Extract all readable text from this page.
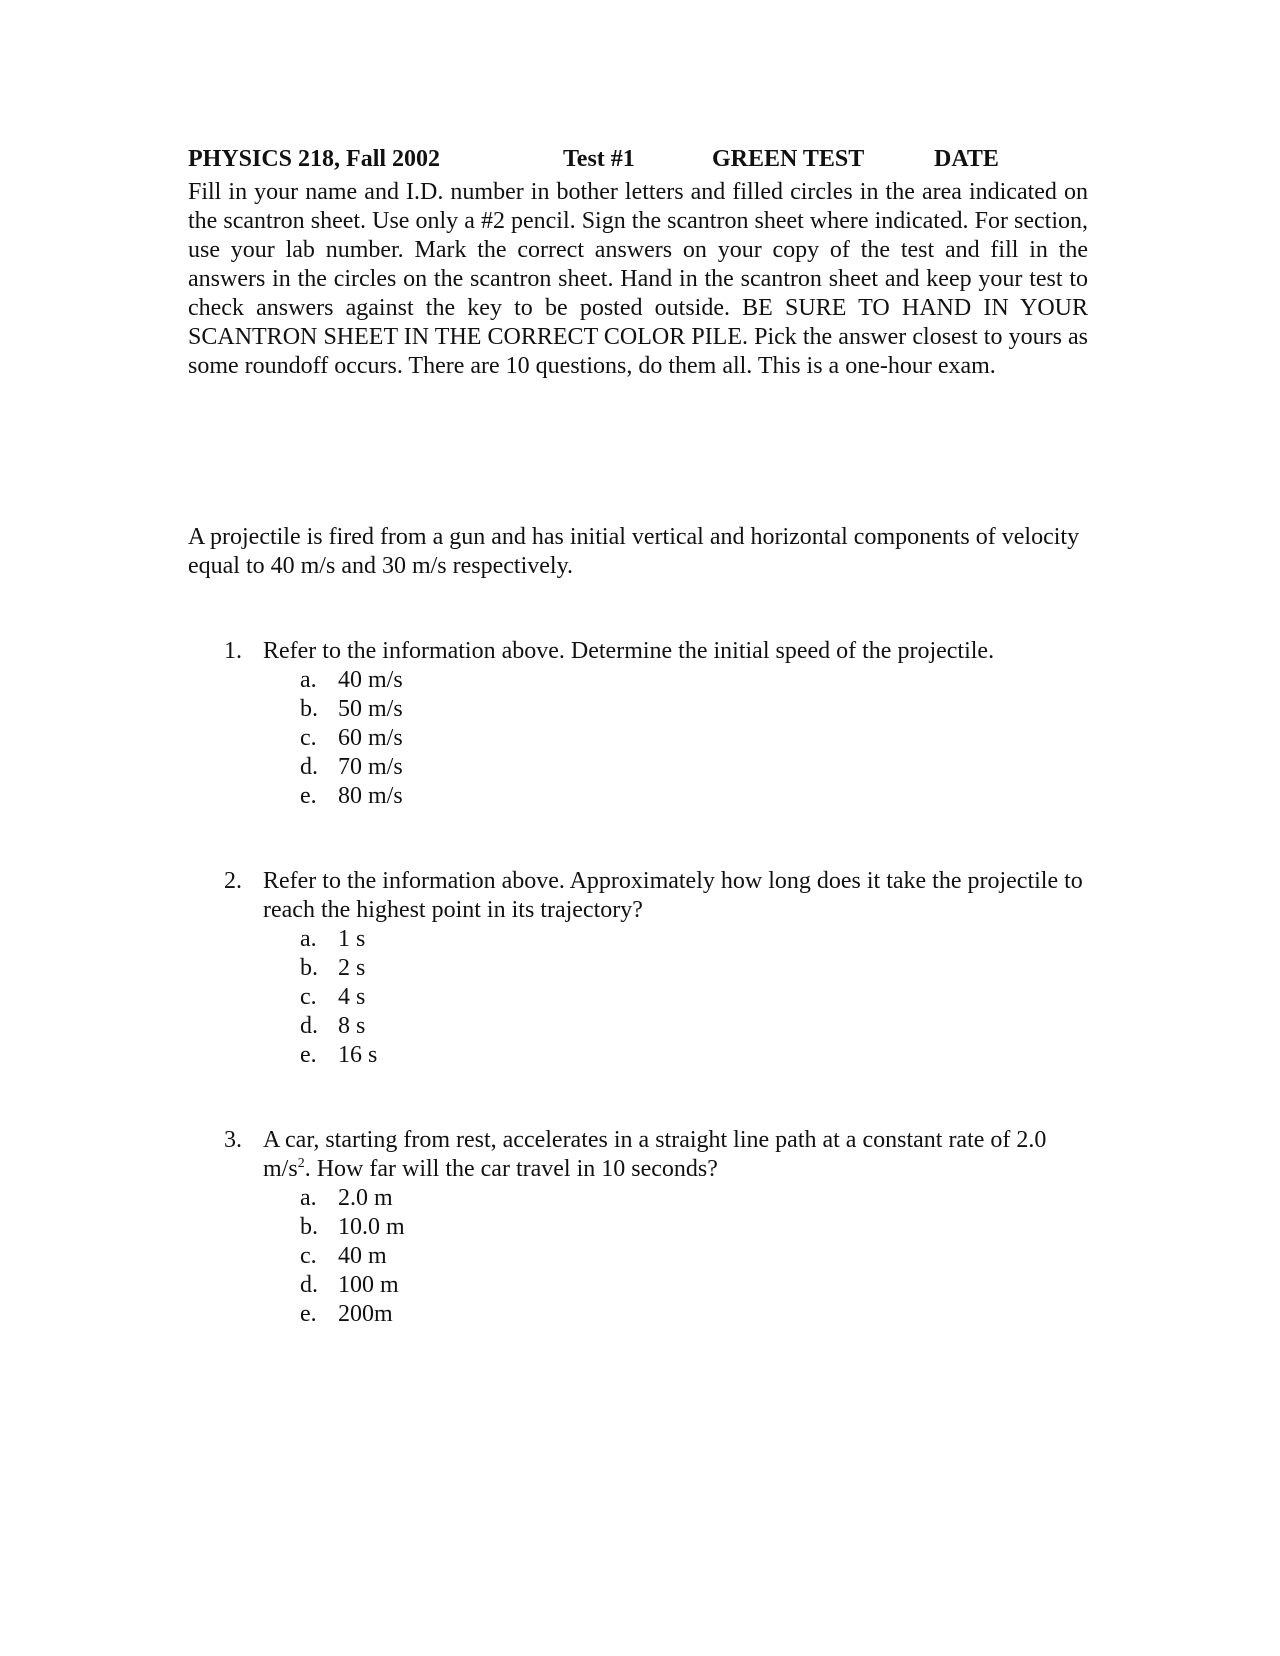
PHYSICS 218, Fall 2002	Test #1	GREEN TEST	DATE
Fill in your name and I.D. number in bother letters and filled circles in the area indicated on the scantron sheet. Use only a #2 pencil. Sign the scantron sheet where indicated. For section, use your lab number. Mark the correct answers on your copy of the test and fill in the answers in the circles on the scantron sheet. Hand in the scantron sheet and keep your test to check answers against the key to be posted outside. BE SURE TO HAND IN YOUR SCANTRON SHEET IN THE CORRECT COLOR PILE. Pick the answer closest to yours as some roundoff occurs. There are 10 questions, do them all. This is a one-hour exam.
A projectile is fired from a gun and has initial vertical and horizontal components of velocity equal to 40 m/s and 30 m/s respectively.
1. Refer to the information above. Determine the initial speed of the projectile.
a. 40 m/s
b. 50 m/s
c. 60 m/s
d. 70 m/s
e. 80 m/s
2. Refer to the information above. Approximately how long does it take the projectile to reach the highest point in its trajectory?
a. 1 s
b. 2 s
c. 4 s
d. 8 s
e. 16 s
3. A car, starting from rest, accelerates in a straight line path at a constant rate of 2.0 $m/s^2$. How far will the car travel in 10 seconds?
a. 2.0 m
b. 10.0 m
c. 40 m
d. 100 m
e. 200m
